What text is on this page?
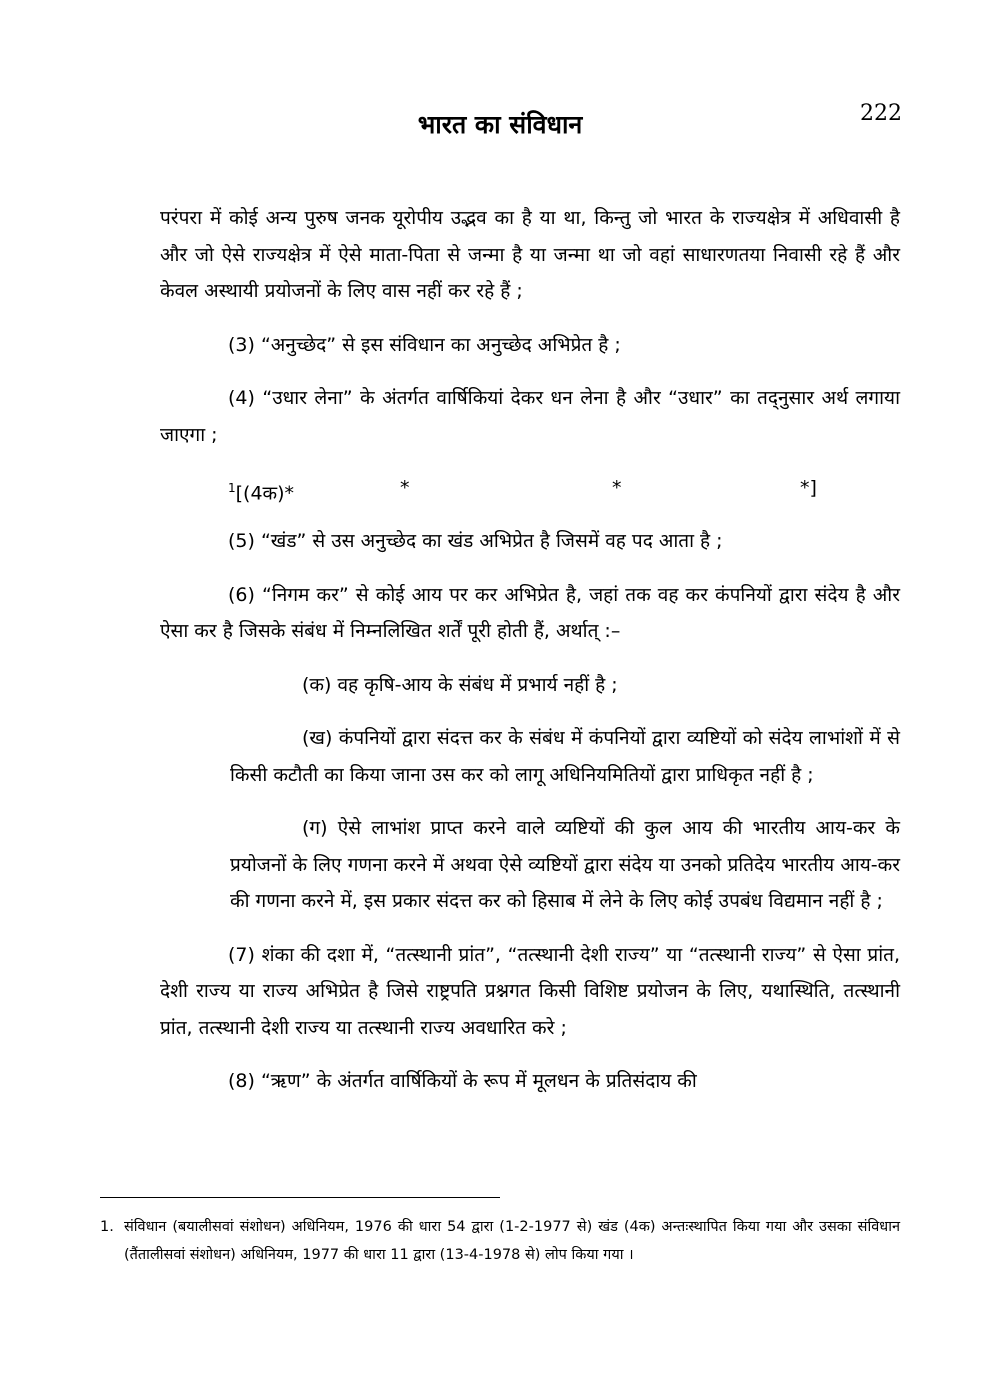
भारत का संविधान	222

परंपरा में कोई अन्य पुरुष जनक यूरोपीय उद्भव का है या था, किन्तु जो भारत के राज्यक्षेत्र में अधिवासी है और जो ऐसे राज्यक्षेत्र में ऐसे माता-पिता से जन्मा है या जन्मा था जो वहां साधारणतया निवासी रहे हैं और केवल अस्थायी प्रयोजनों के लिए वास नहीं कर रहे हैं ;

(3) “अनुच्छेद” से इस संविधान का अनुच्छेद अभिप्रेत है ;

(4) “उधार लेना” के अंतर्गत वार्षिकियां देकर धन लेना है और “उधार” का तद्नुसार अर्थ लगाया जाएगा ;

$^1$[(4क)*	*	*	*]

(5) “खंड” से उस अनुच्छेद का खंड अभिप्रेत है जिसमें वह पद आता है ;

(6) “निगम कर” से कोई आय पर कर अभिप्रेत है, जहां तक वह कर कंपनियों द्वारा संदेय है और ऐसा कर है जिसके संबंध में निम्नलिखित शर्तें पूरी होती हैं, अर्थात् :–

(क) वह कृषि-आय के संबंध में प्रभार्य नहीं है ;

(ख) कंपनियों द्वारा संदत्त कर के संबंध में कंपनियों द्वारा व्यष्टियों को संदेय लाभांशों में से किसी कटौती का किया जाना उस कर को लागू अधिनियमितियों द्वारा प्राधिकृत नहीं है ;

(ग) ऐसे लाभांश प्राप्त करने वाले व्यष्टियों की कुल आय की भारतीय आय-कर के प्रयोजनों के लिए गणना करने में अथवा ऐसे व्यष्टियों द्वारा संदेय या उनको प्रतिदेय भारतीय आय-कर की गणना करने में, इस प्रकार संदत्त कर को हिसाब में लेने के लिए कोई उपबंध विद्यमान नहीं है ;

(7) शंका की दशा में, “तत्स्थानी प्रांत”, “तत्स्थानी देशी राज्य” या “तत्स्थानी राज्य” से ऐसा प्रांत, देशी राज्य या राज्य अभिप्रेत है जिसे राष्ट्रपति प्रश्नगत किसी विशिष्ट प्रयोजन के लिए, यथास्थिति, तत्स्थानी प्रांत, तत्स्थानी देशी राज्य या तत्स्थानी राज्य अवधारित करे ;

(8) “ऋण” के अंतर्गत वार्षिकियों के रूप में मूलधन के प्रतिसंदाय की

1. संविधान (बयालीसवां संशोधन) अधिनियम, 1976 की धारा 54 द्वारा (1-2-1977 से) खंड (4क) अन्तःस्थापित किया गया और उसका संविधान (तैंतालीसवां संशोधन) अधिनियम, 1977 की धारा 11 द्वारा (13-4-1978 से) लोप किया गया ।
